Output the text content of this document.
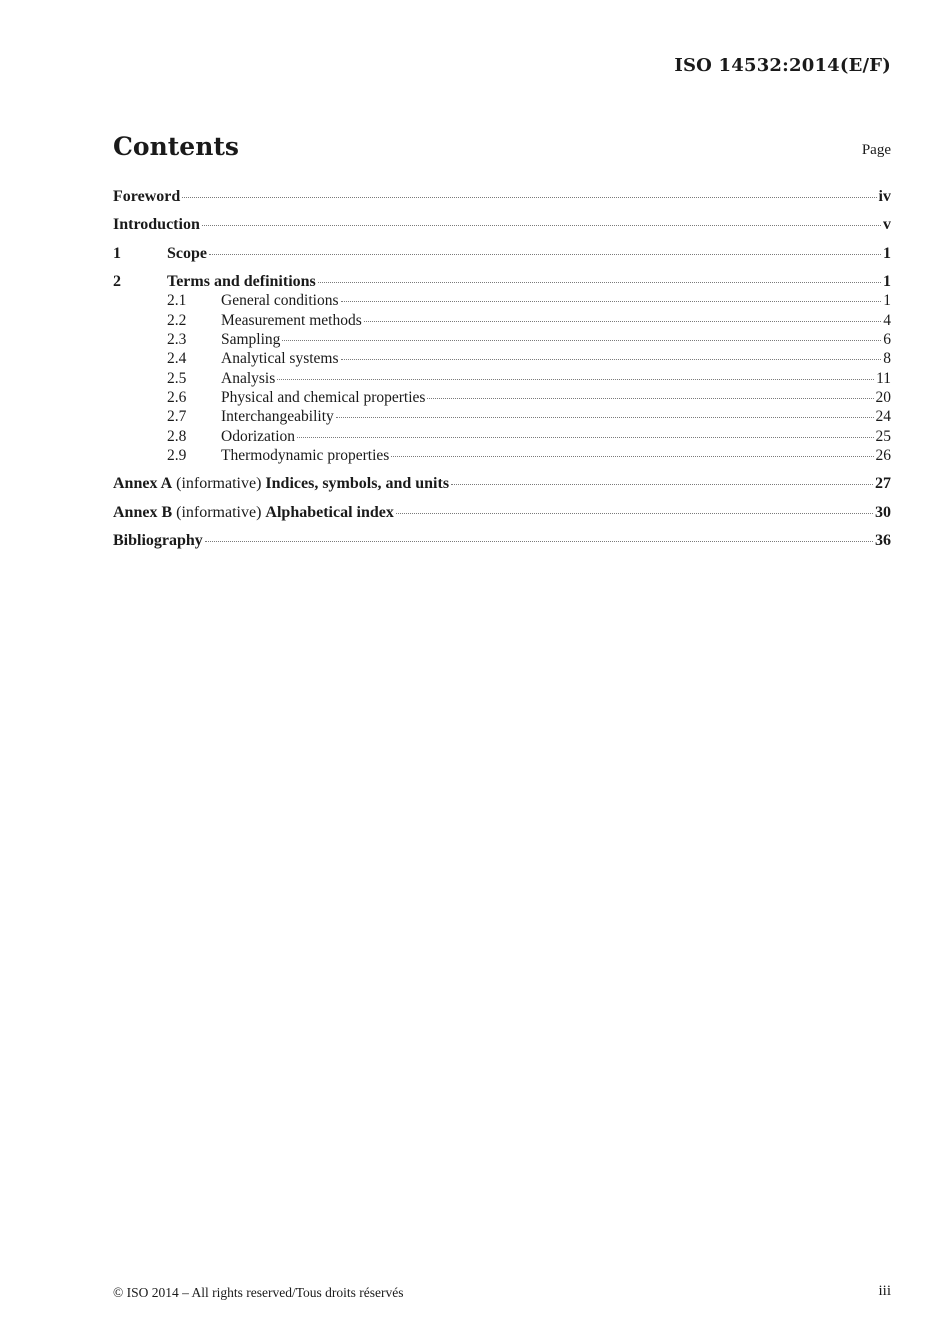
ISO 14532:2014(E/F)
Contents	Page
Foreword	iv
Introduction	v
1	Scope	1
2	Terms and definitions	1
2.1	General conditions	1
2.2	Measurement methods	4
2.3	Sampling	6
2.4	Analytical systems	8
2.5	Analysis	11
2.6	Physical and chemical properties	20
2.7	Interchangeability	24
2.8	Odorization	25
2.9	Thermodynamic properties	26
Annex A (informative) Indices, symbols, and units	27
Annex B (informative) Alphabetical index	30
Bibliography	36
© ISO 2014 – All rights reserved/Tous droits réservés	iii
